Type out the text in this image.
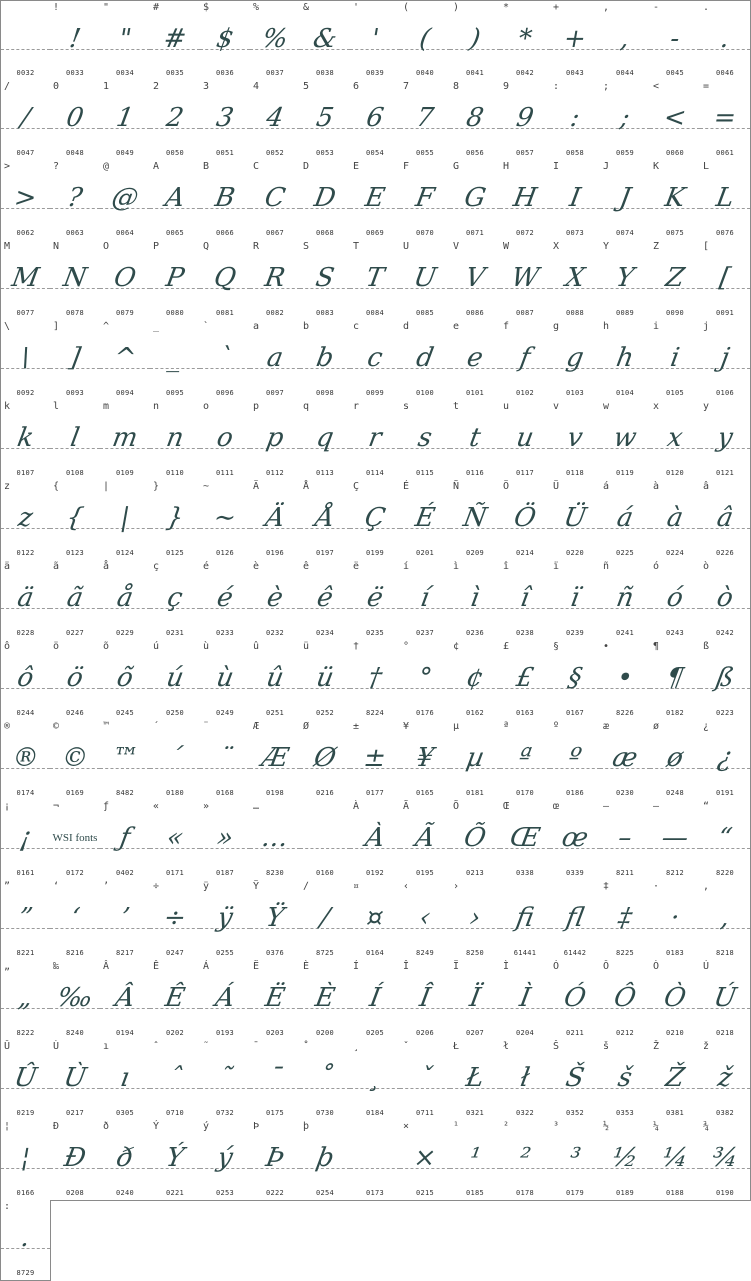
0032
!
!
0033
"
"
0034
#
#
0035
$
$
0036
%
%
0037
&
&
0038
'
'
0039
(
(
0040
)
)
0041
*
*
0042
+
+
0043
,
,
0044
-
-
0045
.
.
0046
/
/
0047
0
0
0048
1
1
0049
2
2
0050
3
3
0051
4
4
0052
5
5
0053
6
6
0054
7
7
0055
8
8
0056
9
9
0057
:
:
0058
;
;
0059
<
<
0060
=
=
0061
>
>
0062
?
?
0063
@
@
0064
A
A
0065
B
B
0066
C
C
0067
D
D
0068
E
E
0069
F
F
0070
G
G
0071
H
H
0072
I
I
0073
J
J
0074
K
K
0075
L
L
0076
M
M
0077
N
N
0078
O
O
0079
P
P
0080
Q
Q
0081
R
R
0082
S
S
0083
T
T
0084
U
U
0085
V
V
0086
W
W
0087
X
X
0088
Y
Y
0089
Z
Z
0090
[
[
0091
\
\
0092
]
]
0093
^
^
0094
_
_
0095
`
`
0096
a
a
0097
b
b
0098
c
c
0099
d
d
0100
e
e
0101
f
f
0102
g
g
0103
h
h
0104
i
i
0105
j
j
0106
k
k
0107
l
l
0108
m
m
0109
n
n
0110
o
o
0111
p
p
0112
q
q
0113
r
r
0114
s
s
0115
t
t
0116
u
u
0117
v
v
0118
w
w
0119
x
x
0120
y
y
0121
z
z
0122
{
{
0123
|
|
0124
}
}
0125
~
~
0126
Ä
Ä
0196
Å
Å
0197
Ç
Ç
0199
É
É
0201
Ñ
Ñ
0209
Ö
Ö
0214
Ü
Ü
0220
á
á
0225
à
à
0224
â
â
0226
ä
ä
0228
ã
ã
0227
å
å
0229
ç
ç
0231
é
é
0233
è
è
0232
ê
ê
0234
ë
ë
0235
í
í
0237
ì
ì
0236
î
î
0238
ï
ï
0239
ñ
ñ
0241
ó
ó
0243
ò
ò
0242
ô
ô
0244
ö
ö
0246
õ
õ
0245
ú
ú
0250
ù
ù
0249
û
û
0251
ü
ü
0252
†
†
8224
°
°
0176
¢
¢
0162
£
£
0163
§
§
0167
•
•
8226
¶
¶
0182
ß
ß
0223
®
®
0174
©
©
0169
™
™
8482
´
´
0180
¨
¨
0168
Æ
Æ
0198
Ø
Ø
0216
±
±
0177
¥
¥
0165
µ
µ
0181
ª
ª
0170
º
º
0186
æ
æ
0230
ø
ø
0248
¿
¿
0191
¡
¡
0161
¬
WSI fonts
0172
ƒ
ƒ
0402
«
«
0171
»
»
0187
…
…
8230	0160
À
À
0192
Ã
Ã
0195
Õ
Õ
0213
Œ
Œ
0338
œ
œ
0339
–
–
8211
—
—
8212
“
“
8220
”
”
8221
‘
‘
8216
’
’
8217
÷
÷
0247
ÿ
ÿ
0255
Ÿ
Ÿ
0376
∕
∕
8725
¤
¤
0164
‹
‹
8249
›
›
8250
fi
61441
fl
61442
‡
‡
8225
·
·
0183
‚
‚
8218
„
„
8222
‰
‰
8240
Â
Â
0194
Ê
Ê
0202
Á
Á
0193
Ë
Ë
0203
È
È
0200
Í
Í
0205
Î
Î
0206
Ï
Ï
0207
Ì
Ì
0204
Ó
Ó
0211
Ô
Ô
0212
Ò
Ò
0210
Ú
Ú
0218
Û
Û
0219
Ù
Ù
0217
ı
ı
0305
ˆ
ˆ
0710
˜
˜
0732
¯
¯
0175
˚
˚
0730
¸
¸
0184
ˇ
ˇ
0711
Ł
Ł
0321
ł
ł
0322
Š
Š
0352
š
š
0353
Ž
Ž
0381
ž
ž
0382
¦
¦
0166
Ð
Ð
0208
ð
ð
0240
Ý
Ý
0221
ý
ý
0253
Þ
Þ
0222
þ
þ
0254	0173
×
×
0215
¹
¹
0185
²
²
0178
³
³
0179
½
½
0189
¼
¼
0188
¾
¾
0190
:
.
8729
